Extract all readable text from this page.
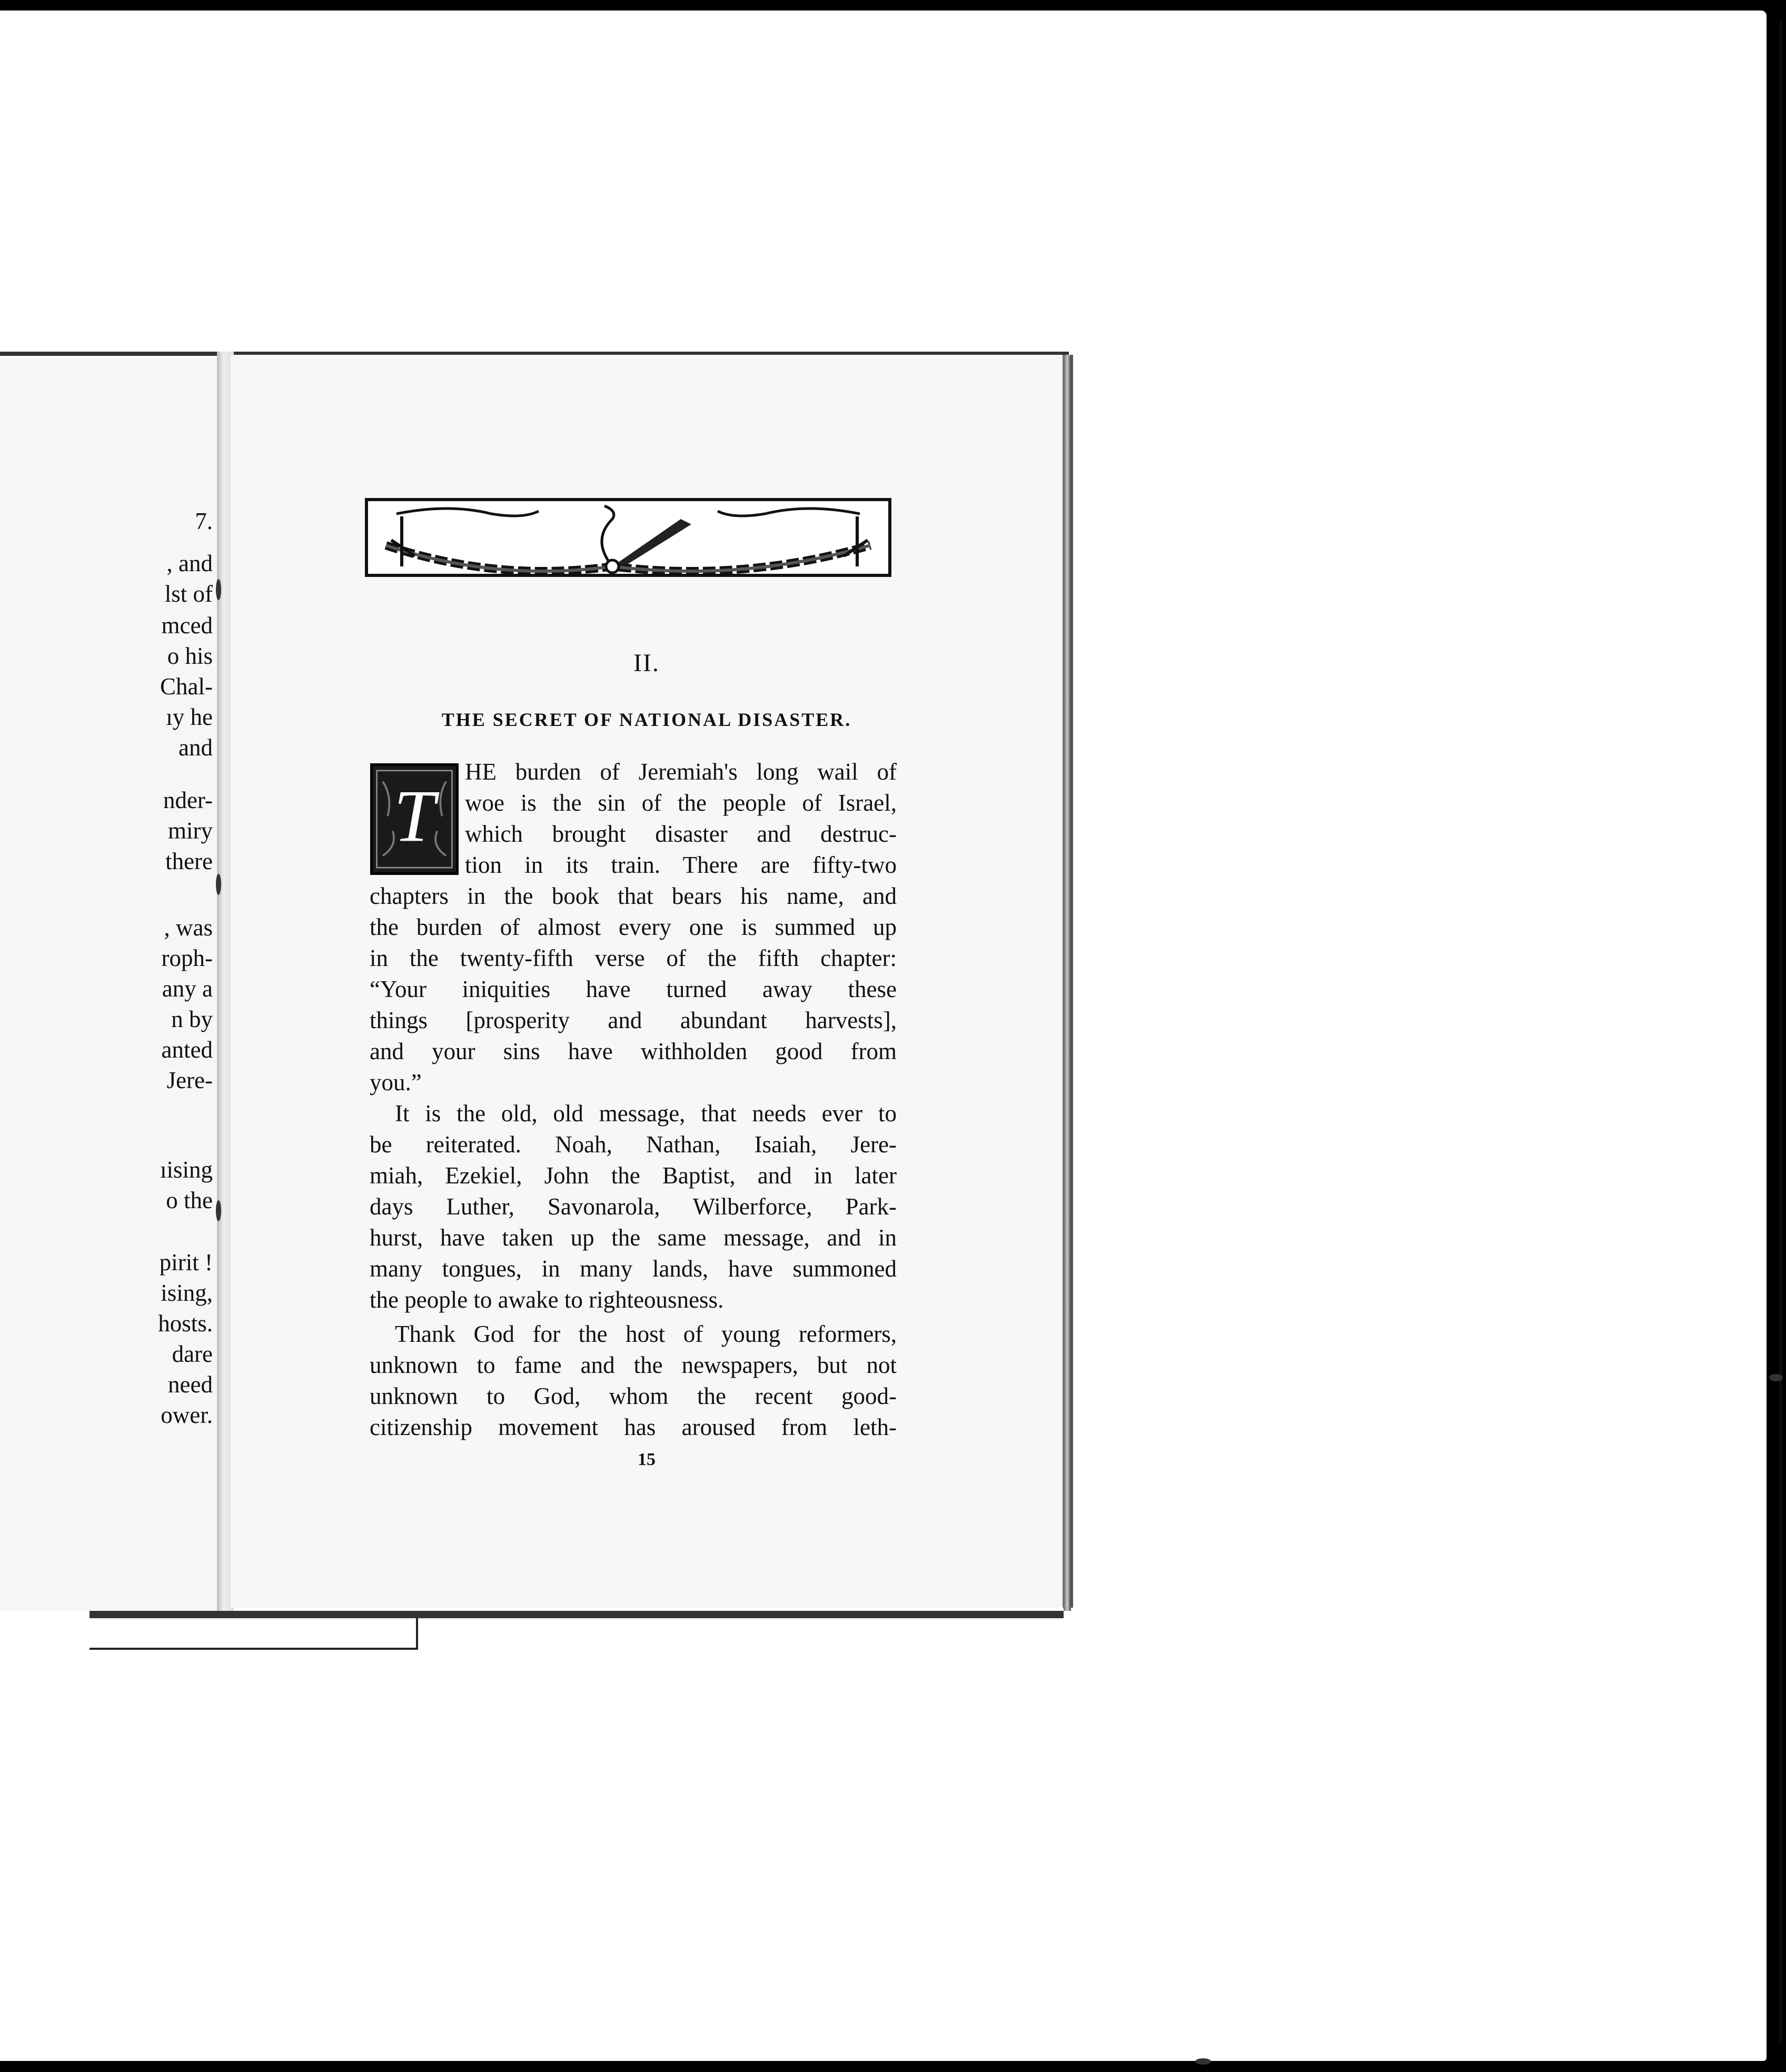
7.
, and
lst of
mced
o his
Chal-
ıy he
and
nder-
miry
there
, was
roph-
any a
n by
anted
Jere-
ıising
o the
pirit !
ising,
hosts.
dare
need
ower.
II.
THE SECRET OF NATIONAL DISASTER.
T
HE burden of Jeremiah's long wail of
woe is the sin of the people of Israel,
which brought disaster and destruc-
tion in its train. There are fifty-two
chapters in the book that bears his name, and
the burden of almost every one is summed up
in the twenty-fifth verse of the fifth chapter:
“Your iniquities have turned away these
things [prosperity and abundant harvests],
and your sins have withholden good from
you.”
It is the old, old message, that needs ever to
be reiterated. Noah, Nathan, Isaiah, Jere-
miah, Ezekiel, John the Baptist, and in later
days Luther, Savonarola, Wilberforce, Park-
hurst, have taken up the same message, and in
many tongues, in many lands, have summoned
the people to awake to righteousness.
Thank God for the host of young reformers,
unknown to fame and the newspapers, but not
unknown to God, whom the recent good-
citizenship movement has aroused from leth-
15
